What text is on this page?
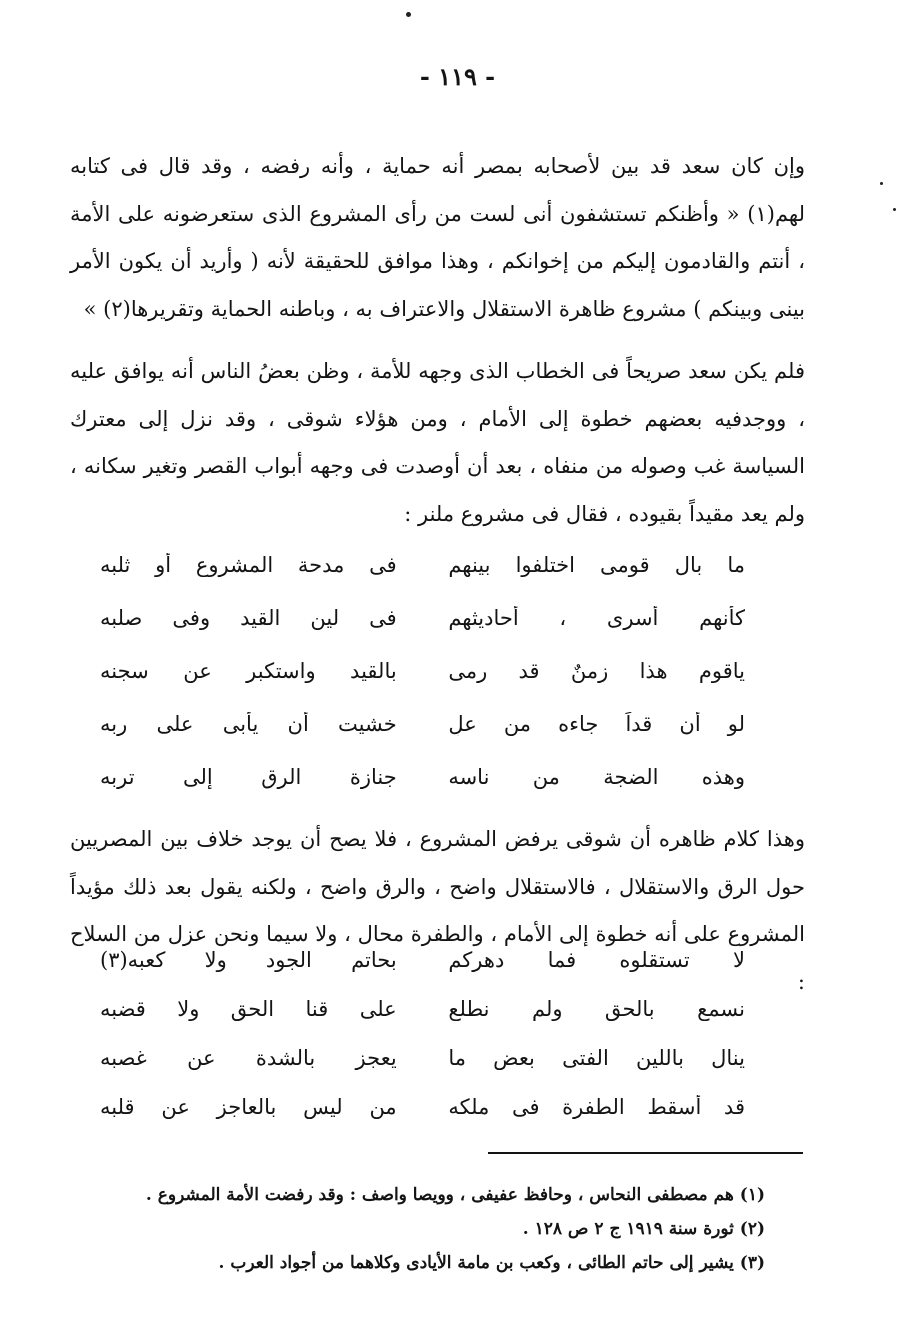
- ١١٩ -

وإن كان سعد قد بين لأصحابه بمصر أنه حماية ، وأنه رفضه ، وقد قال فى كتابه لهم(١) « وأظنكم تستشفون أنى لست من رأى المشروع الذى ستعرضونه على الأمة ، أنتم والقادمون إليكم من إخوانكم ، وهذا موافق للحقيقة لأنه ( وأريد أن يكون الأمر بينى وبينكم ) مشروع ظاهرة الاستقلال والاعتراف به ، وباطنه الحماية وتقريرها(٢) »

فلم يكن سعد صريحاً فى الخطاب الذى وجهه للأمة ، وظن بعضُ الناس أنه يوافق عليه ، ووجدفيه بعضهم خطوة إلى الأمام ، ومن هؤلاء شوقى ، وقد نزل إلى معترك السياسة غب وصوله من منفاه ، بعد أن أوصدت فى وجهه أبواب القصر وتغير سكانه ، ولم يعد مقيداً بقيوده ، فقال فى مشروع ملنر :

ما بال قومى اختلفوا بينهم
فى مدحة المشروع أو ثلبه
كأنهم أسرى ، أحاديثهم
فى لين القيد وفى صلبه
ياقوم هذا زمنٌ قد رمى
بالقيد واستكبر عن سجنه
لو أن قداً جاءه من علٍ
خشيت أن يأبى على ربه
وهذه الضجة من ناسه
جنازة الرق إلى تربه

وهذا كلام ظاهره أن شوقى يرفض المشروع ، فلا يصح أن يوجد خلاف بين المصريين حول الرق والاستقلال ، فالاستقلال واضح ، والرق واضح ، ولكنه يقول بعد ذلك مؤيداً المشروع على أنه خطوة إلى الأمام ، والطفرة محال ، ولا سيما ونحن عزل من السلاح :

لا تستقلوه فما دهركم
بحاتم الجود ولا كعبه(٣)
نسمع بالحق ولم نطلع
على قنا الحق ولا قضبه
ينال باللين الفتى بعض ما
يعجز بالشدة عن غصبه
قد أسقط الطفرة فى ملكه
من ليس بالعاجز عن قلبه
(١) هم مصطفى النحاس ، وحافظ عفيفى ، وويصا واصف : وقد رفضت الأمة المشروع .
(٢) ثورة سنة ١٩١٩ ج ٢ ص ١٢٨ .
(٣) يشير إلى حاتم الطائى ، وكعب بن مامة الأيادى وكلاهما من أجواد العرب .
